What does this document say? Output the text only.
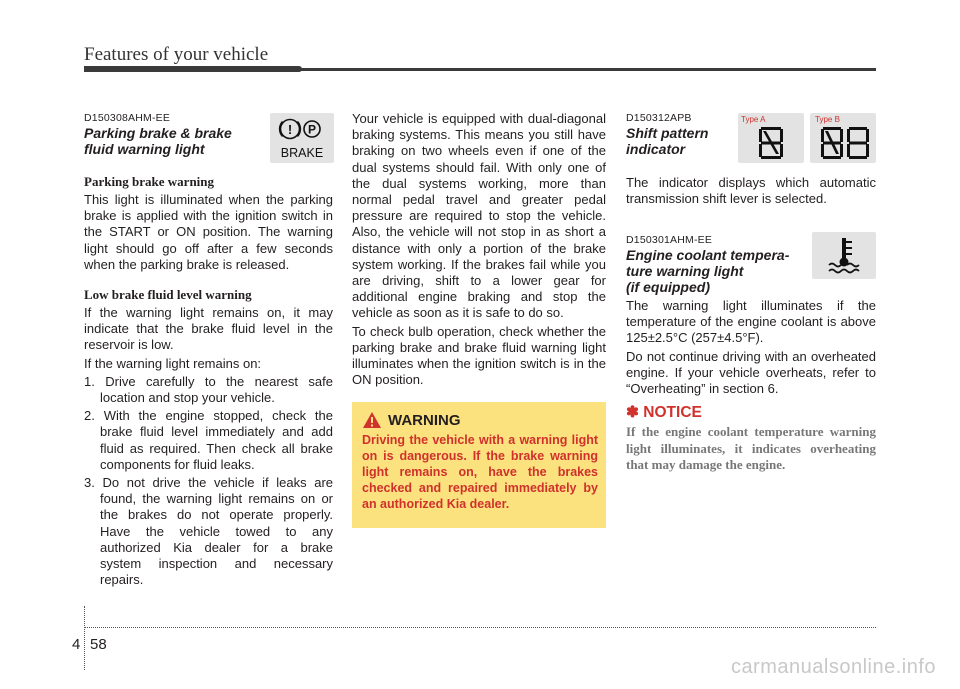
Features of your vehicle
D150308AHM-EE
Parking brake & brake
fluid warning light
! P
BRAKE
Parking brake warning

This light is illuminated when the parking brake is applied with the ignition switch in the START or ON position. The warning light should go off after a few seconds when the parking brake is released.

Low brake fluid level warning

If the warning light remains on, it may indicate that the brake fluid level in the reservoir is low.

If the warning light remains on:

1. Drive carefully to the nearest safe location and stop your vehicle.

2. With the engine stopped, check the brake fluid level immediately and add fluid as required. Then check all brake components for fluid leaks.

3. Do not drive the vehicle if leaks are found, the warning light remains on or the brakes do not operate properly. Have the vehicle towed to any authorized Kia dealer for a brake system inspection and necessary repairs.

Your vehicle is equipped with dual-diagonal braking systems. This means you still have braking on two wheels even if one of the dual systems should fail. With only one of the dual systems working, more than normal pedal travel and greater pedal pressure are required to stop the vehicle. Also, the vehicle will not stop in as short a distance with only a portion of the brake system working. If the brakes fail while you are driving, shift to a lower gear for additional engine braking and stop the vehicle as soon as it is safe to do so.

To check bulb operation, check whether the parking brake and brake fluid warning light illuminates when the ignition switch is in the ON position.

WARNING
Driving the vehicle with a warning light on is dangerous. If the brake warning light remains on, have the brakes checked and repaired immediately by an authorized Kia dealer.
D150312APB
Shift pattern
indicator
Type A	Type B

The indicator displays which automatic transmission shift lever is selected.

D150301AHM-EE
Engine coolant tempera-
ture warning light
(if equipped)

The warning light illuminates if the temperature of the engine coolant is above 125±2.5°C (257±4.5°F).

Do not continue driving with an overheated engine. If your vehicle overheats, refer to “Overheating” in section 6.

✽ NOTICE
If the engine coolant temperature warning light illuminates, it indicates overheating that may damage the engine.
4 58
carmanualsonline.info
